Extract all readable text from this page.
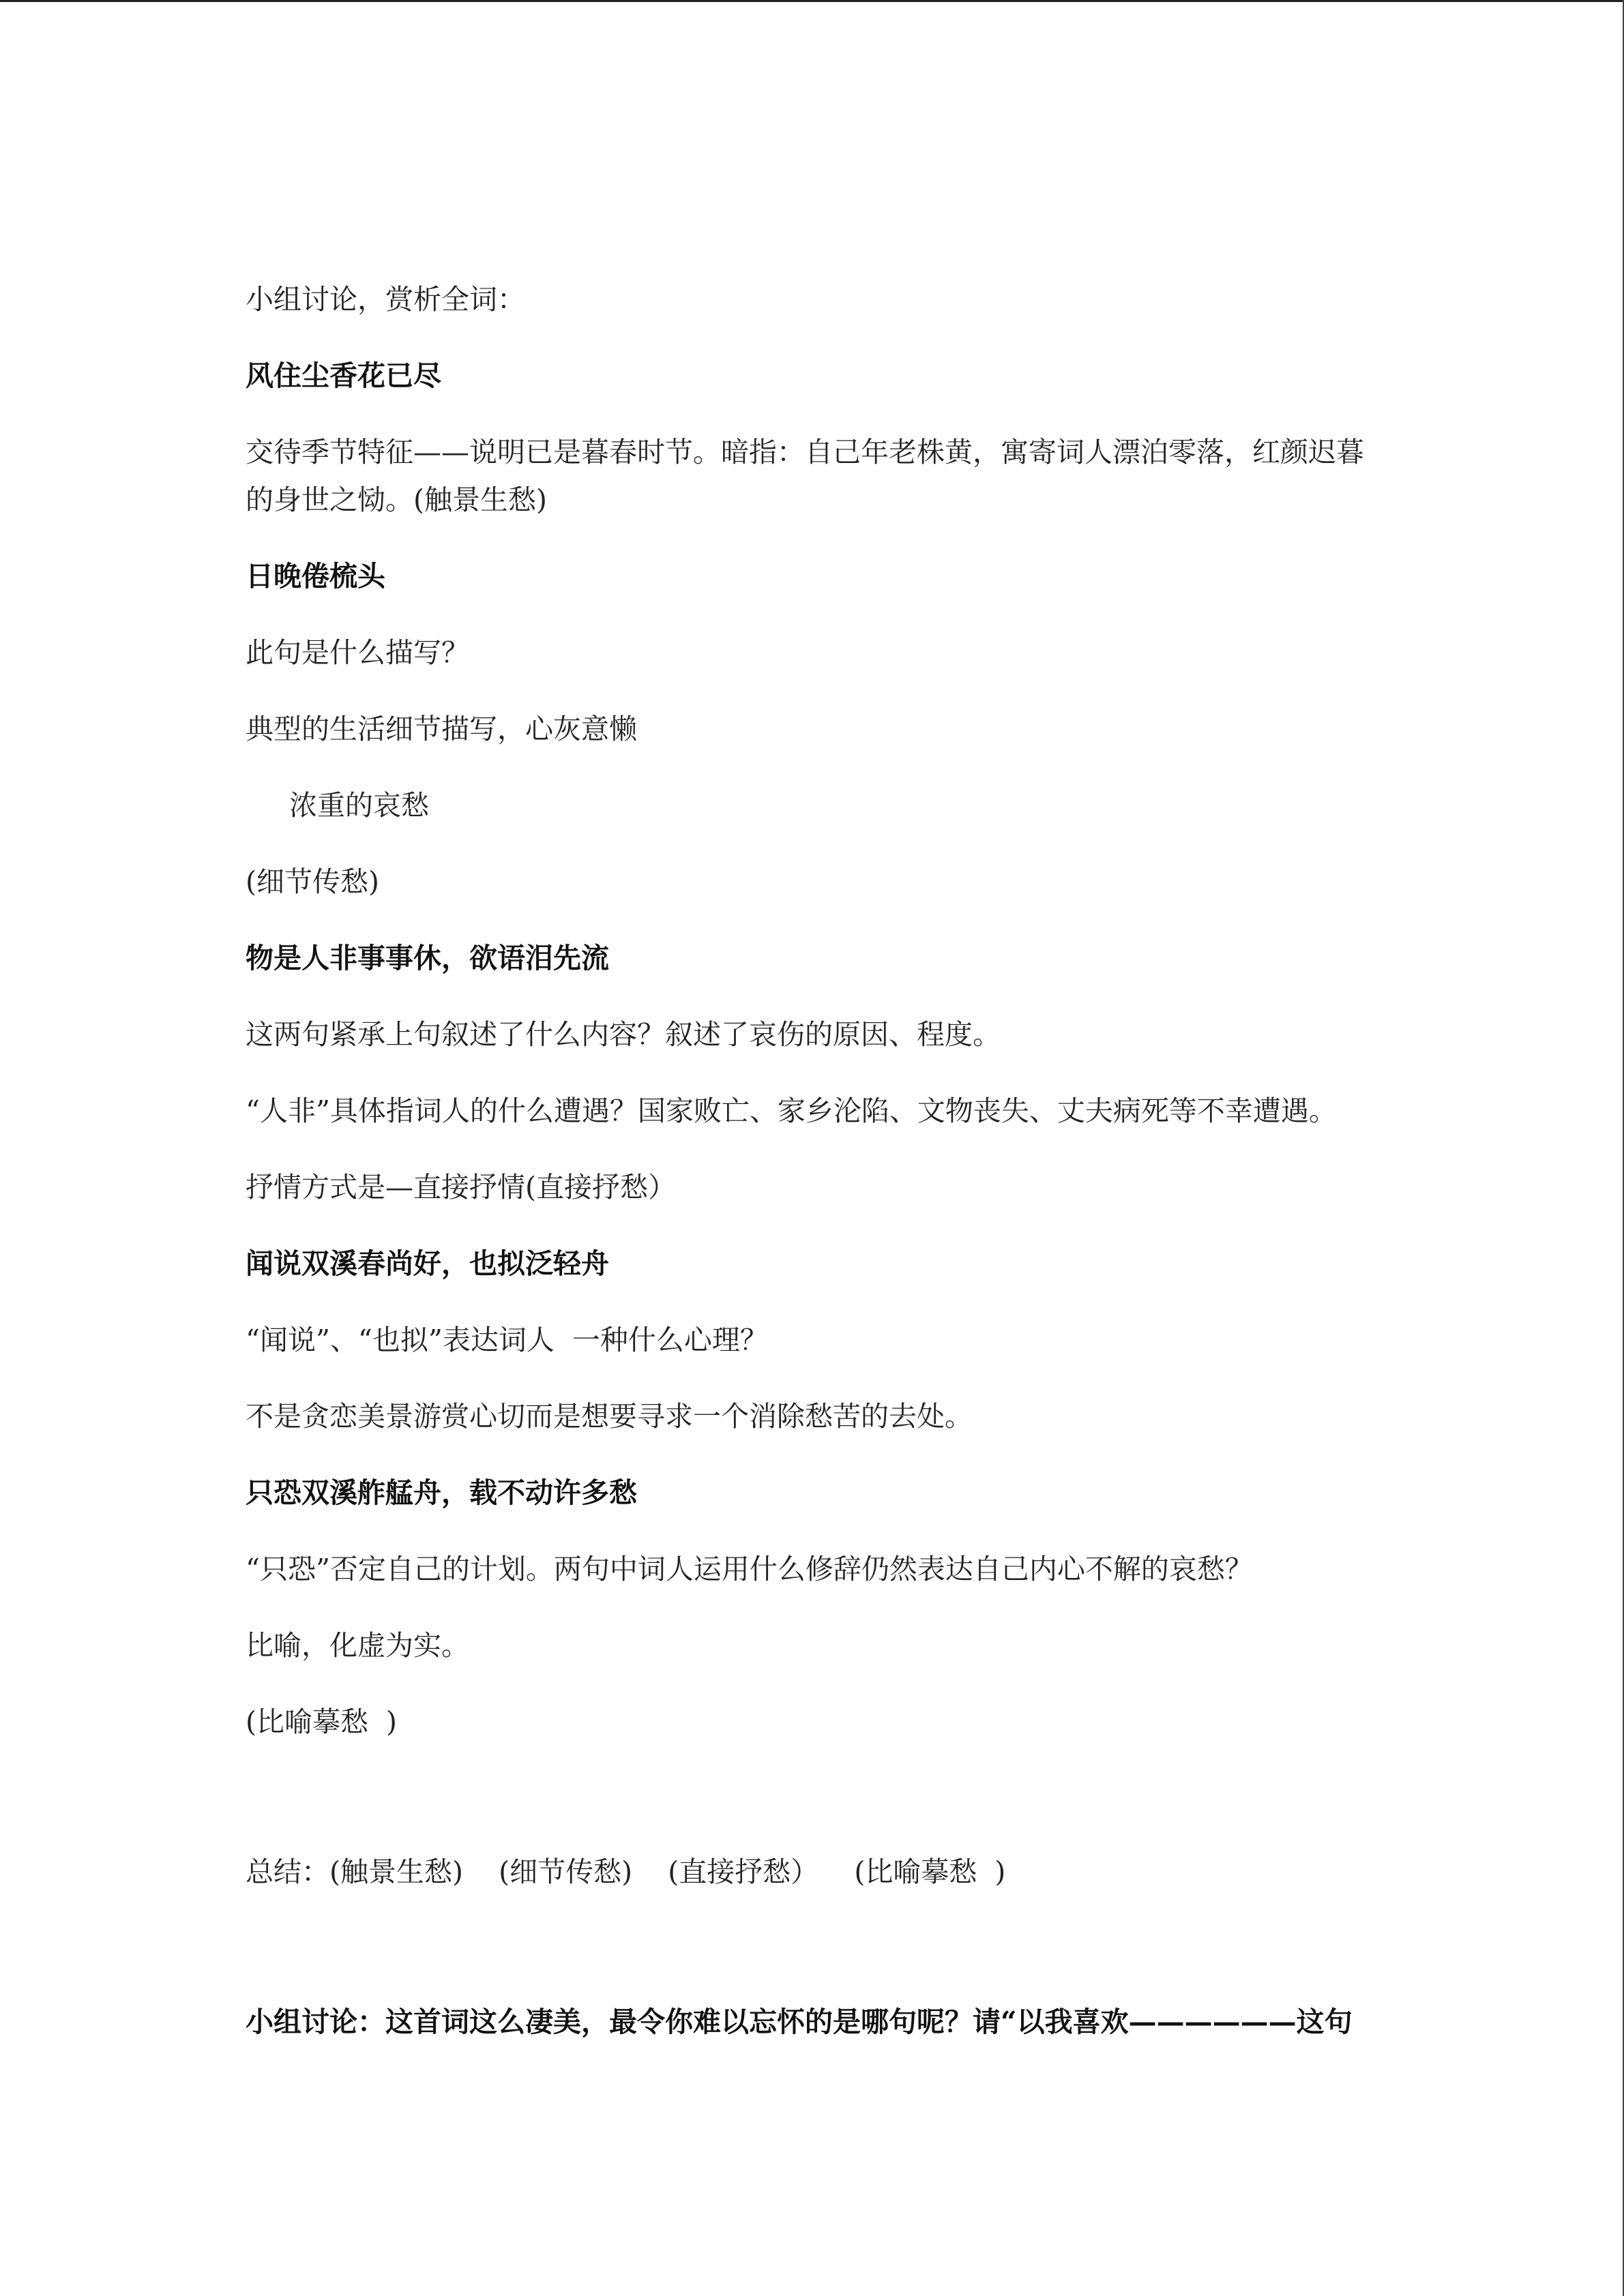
小组讨论，赏析全词：

风住尘香花已尽

交待季节特征——说明已是暮春时节。暗指：自己年老株黄，寓寄词人漂泊零落，红颜迟暮的身世之恸。(触景生愁)

日晚倦梳头

此句是什么描写？

典型的生活细节描写，心灰意懒

浓重的哀愁

(细节传愁)

物是人非事事休，欲语泪先流

这两句紧承上句叙述了什么内容？叙述了哀伤的原因、程度。

“人非”具体指词人的什么遭遇？国家败亡、家乡沦陷、文物丧失、丈夫病死等不幸遭遇。

抒情方式是—直接抒情(直接抒愁）

闻说双溪春尚好，也拟泛轻舟

“闻说”、“也拟”表达词人  一种什么心理？

不是贪恋美景游赏心切而是想要寻求一个消除愁苦的去处。

只恐双溪舴艋舟，载不动许多愁

“只恐”否定自己的计划。两句中词人运用什么修辞仍然表达自己内心不解的哀愁？

比喻，化虚为实。

(比喻摹愁  )

总结：(触景生愁)    (细节传愁)    (直接抒愁）    (比喻摹愁  )

小组讨论：这首词这么凄美，最令你难以忘怀的是哪句呢？请“以我喜欢——————这句
